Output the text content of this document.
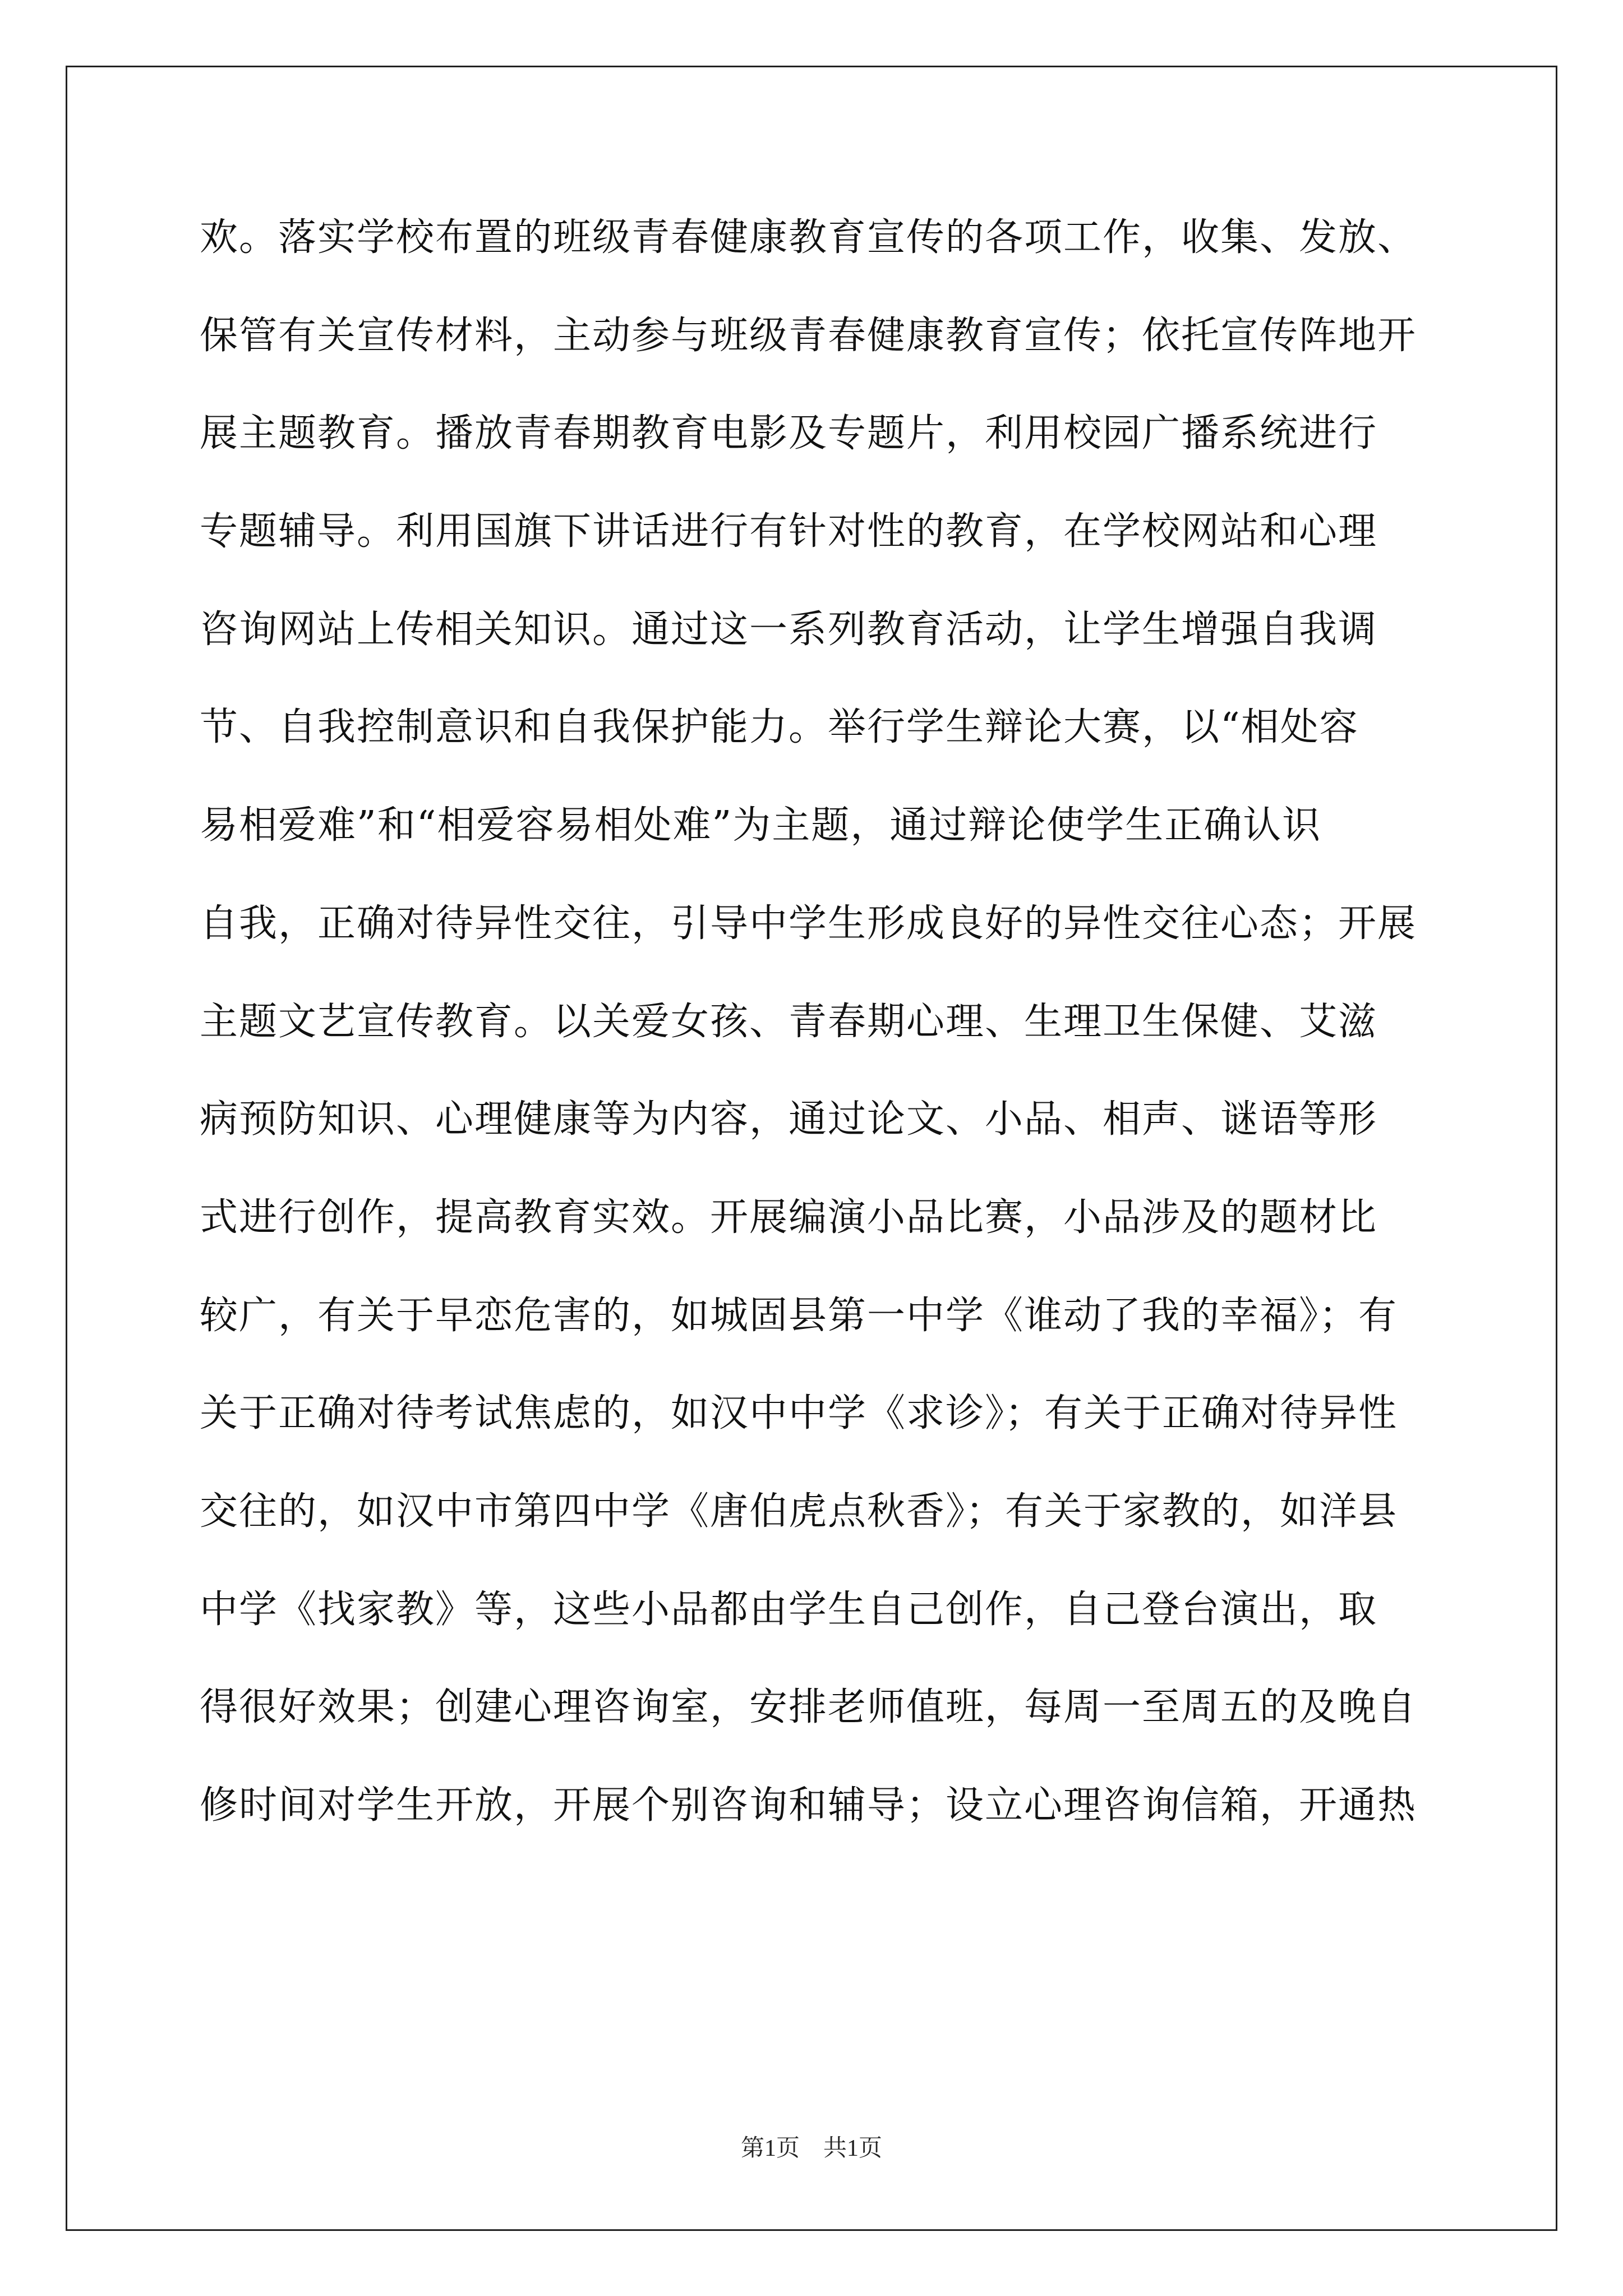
欢。落实学校布置的班级青春健康教育宣传的各项工作，收集、发放、
保管有关宣传材料，主动参与班级青春健康教育宣传；依托宣传阵地开
展主题教育。播放青春期教育电影及专题片，利用校园广播系统进行
专题辅导。利用国旗下讲话进行有针对性的教育，在学校网站和心理
咨询网站上传相关知识。通过这一系列教育活动，让学生增强自我调
节、自我控制意识和自我保护能力。举行学生辩论大赛，以“相处容
易相爱难”和“相爱容易相处难”为主题，通过辩论使学生正确认识
自我，正确对待异性交往，引导中学生形成良好的异性交往心态；开展
主题文艺宣传教育。以关爱女孩、青春期心理、生理卫生保健、艾滋
病预防知识、心理健康等为内容，通过论文、小品、相声、谜语等形
式进行创作，提高教育实效。开展编演小品比赛，小品涉及的题材比
较广，有关于早恋危害的，如城固县第一中学《谁动了我的幸福》；有
关于正确对待考试焦虑的，如汉中中学《求诊》；有关于正确对待异性
交往的，如汉中市第四中学《唐伯虎点秋香》；有关于家教的，如洋县
中学《找家教》等，这些小品都由学生自己创作，自己登台演出，取
得很好效果；创建心理咨询室，安排老师值班，每周一至周五的及晚自
修时间对学生开放，开展个别咨询和辅导；设立心理咨询信箱，开通热
第1页　共1页
